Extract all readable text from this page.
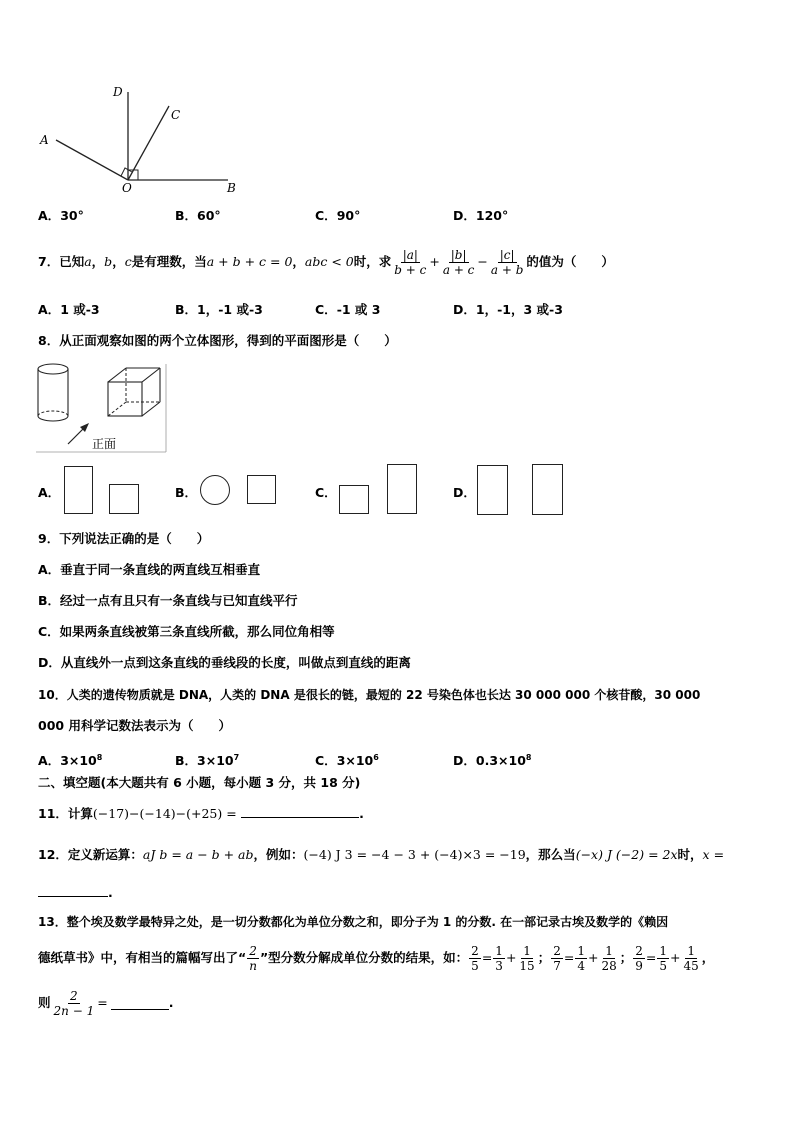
D
C
A
O	B
A．30°	B．60°	C．90°	D．120°
7．已知 a ， b ， c 是有理数，当 a + b + c = 0 ， abc < 0 时，求 $\frac{|a|}{b + c} + \frac{|b|}{a + c} - \frac{|c|}{a + b}$ 的值为（　　）
A．1 或-3	B．1，-1 或-3	C．-1 或 3	D．1，-1，3 或-3
8．从正面观察如图的两个立体图形，得到的平面图形是（　　）
正面
A．	B．	C．	D．
9．下列说法正确的是（　　）
A．垂直于同一条直线的两直线互相垂直
B．经过一点有且只有一条直线与已知直线平行
C．如果两条直线被第三条直线所截，那么同位角相等
D．从直线外一点到这条直线的垂线段的长度，叫做点到直线的距离
10．人类的遗传物质就是 DNA，人类的 DNA 是很长的链，最短的 22 号染色体也长达 30 000 000 个核苷酸，30 000
000 用科学记数法表示为（　　）
A．$3\times 10^8$	B．$3\times 10^7$	C．$3\times 10^6$	D．$0.3\times 10^8$
二、填空题(本大题共有 6 小题，每小题 3 分，共 18 分)
11．计算(−17)−(−14)−(+25) =	.
12．定义新运算：aJ b = a − b + ab，例如：(−4) J 3 = −4 − 3 + (−4)×3 = −19，那么当(−x) J (−2) = 2x时，x =
.
13．整个埃及数学最特异之处，是一切分数都化为单位分数之和，即分子为 1 的分数. 在一部记录古埃及数学的《赖因
德纸草书》中，有相当的篇幅写出了“ $\frac{2}{n}$ ”型分数分解成单位分数的结果，如： $\frac{2}{5} = \frac{1}{3} + \frac{1}{15}$ ； $\frac{2}{7} = \frac{1}{4} + \frac{1}{28}$ ； $\frac{2}{9} = \frac{1}{5} + \frac{1}{45}$ ，
则 $\frac{2}{2n - 1}$ =	.
